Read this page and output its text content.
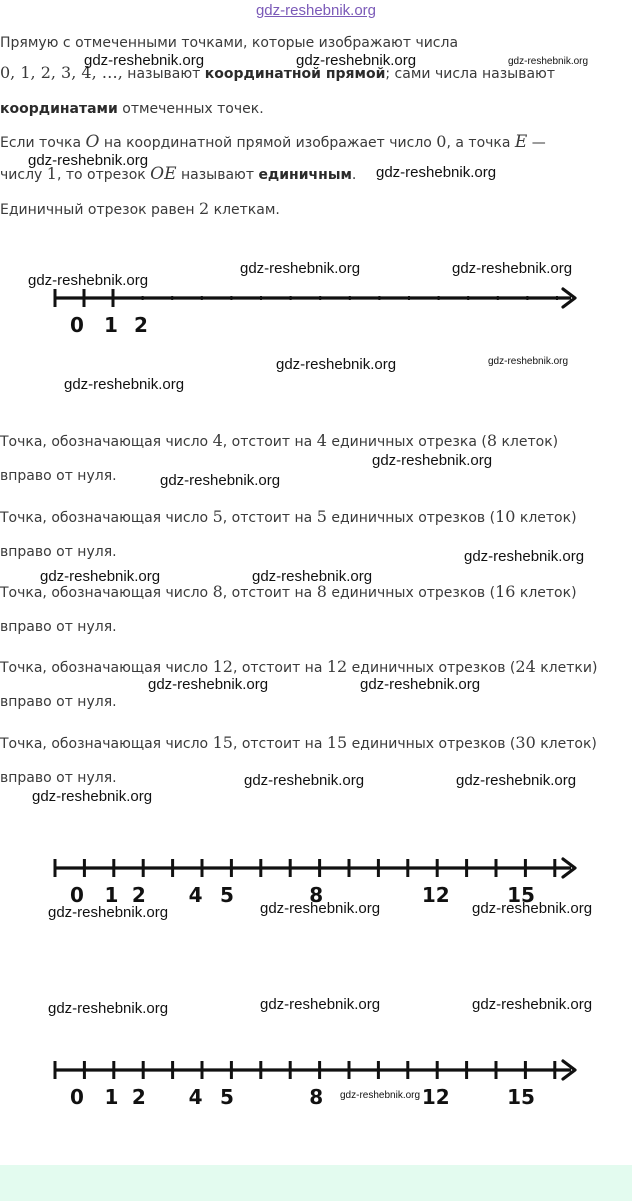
gdz-reshebnik.org
Прямую с отмеченными точками, которые изображают числа
0, 1, 2, 3, 4, …, называют координатной прямой; сами числа называют
координатами отмеченных точек.
Если точка O на координатной прямой изображает число 0, а точка E —
числу 1, то отрезок OE называют единичным.
Единичный отрезок равен 2 клеткам.
0 1 2
Точка, обозначающая число 4, отстоит на 4 единичных отрезка (8 клеток)
вправо от нуля.
Точка, обозначающая число 5, отстоит на 5 единичных отрезков (10 клеток)
вправо от нуля.
Точка, обозначающая число 8, отстоит на 8 единичных отрезков (16 клеток)
вправо от нуля.
Точка, обозначающая число 12, отстоит на 12 единичных отрезков (24 клетки)
вправо от нуля.
Точка, обозначающая число 15, отстоит на 15 единичных отрезков (30 клеток)
вправо от нуля.
0 1 2 4 5	8	12	15
0 1 2 4 5	8	12	15
gdz-reshebnik.org	gdz-reshebnik.org	gdz-reshebnik.org
gdz-reshebnik.org
gdz-reshebnik.org
gdz-reshebnik.org
gdz-reshebnik.org	gdz-reshebnik.org
gdz-reshebnik.org	gdz-reshebnik.org
gdz-reshebnik.org
gdz-reshebnik.org
gdz-reshebnik.org
gdz-reshebnik.org
gdz-reshebnik.org	gdz-reshebnik.org
gdz-reshebnik.org	gdz-reshebnik.org
gdz-reshebnik.org	gdz-reshebnik.org
gdz-reshebnik.org
gdz-reshebnik.org	gdz-reshebnik.org	gdz-reshebnik.org
gdz-reshebnik.org	gdz-reshebnik.org	gdz-reshebnik.org
gdz-reshebnik.org
